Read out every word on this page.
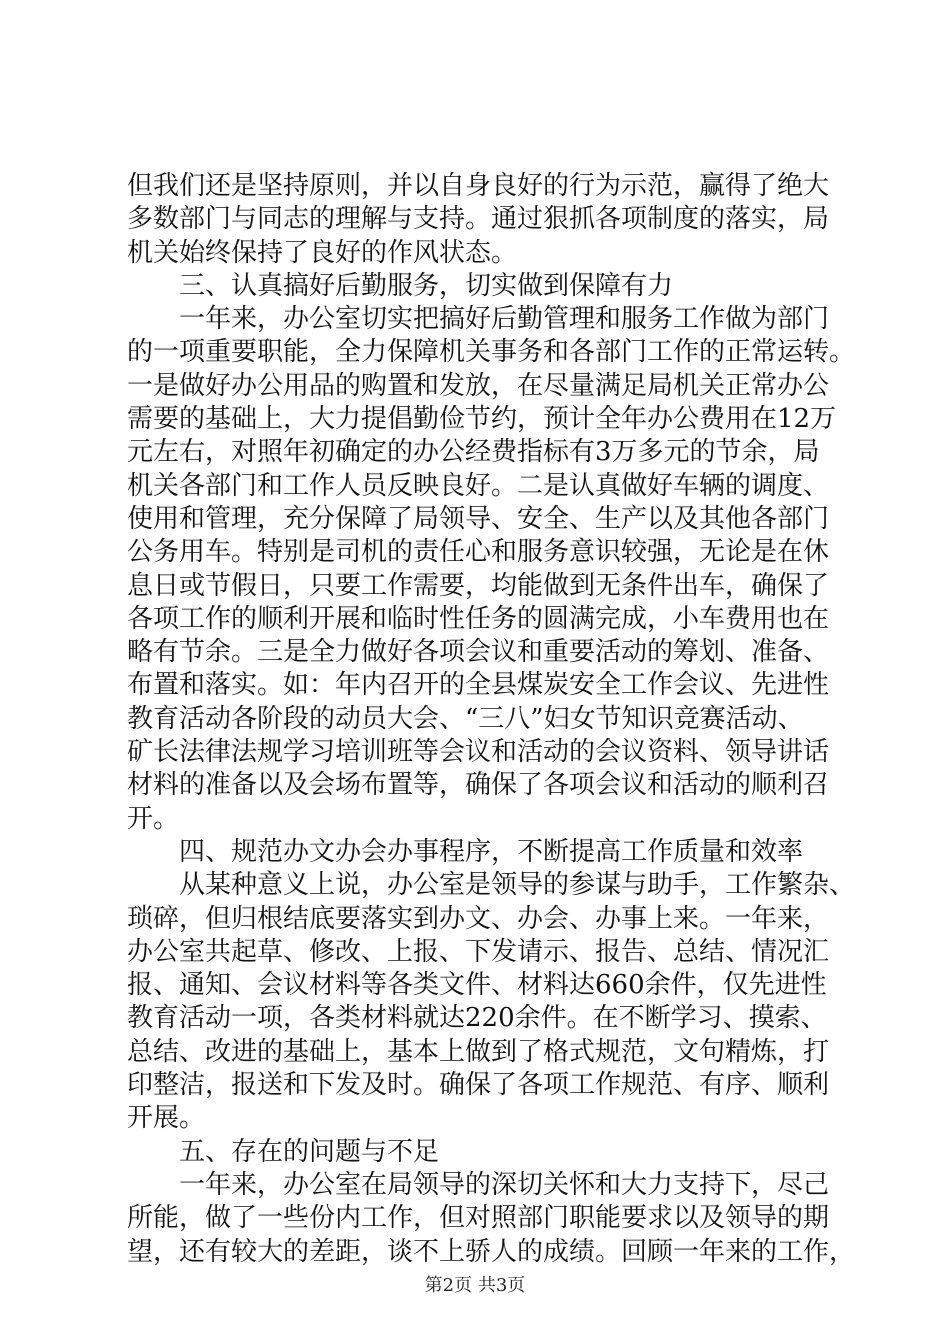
但我们还是坚持原则，并以自身良好的行为示范，赢得了绝大
多数部门与同志的理解与支持。通过狠抓各项制度的落实，局
机关始终保持了良好的作风状态。
三、认真搞好后勤服务，切实做到保障有力
一年来，办公室切实把搞好后勤管理和服务工作做为部门
的一项重要职能，全力保障机关事务和各部门工作的正常运转。
一是做好办公用品的购置和发放，在尽量满足局机关正常办公
需要的基础上，大力提倡勤俭节约，预计全年办公费用在12万
元左右，对照年初确定的办公经费指标有3万多元的节余，局
机关各部门和工作人员反映良好。二是认真做好车辆的调度、
使用和管理，充分保障了局领导、安全、生产以及其他各部门
公务用车。特别是司机的责任心和服务意识较强，无论是在休
息日或节假日，只要工作需要，均能做到无条件出车，确保了
各项工作的顺利开展和临时性任务的圆满完成，小车费用也在
略有节余。三是全力做好各项会议和重要活动的筹划、准备、
布置和落实。如：年内召开的全县煤炭安全工作会议、先进性
教育活动各阶段的动员大会、“三八”妇女节知识竞赛活动、
矿长法律法规学习培训班等会议和活动的会议资料、领导讲话
材料的准备以及会场布置等，确保了各项会议和活动的顺利召
开。
四、规范办文办会办事程序，不断提高工作质量和效率
从某种意义上说，办公室是领导的参谋与助手，工作繁杂、
琐碎，但归根结底要落实到办文、办会、办事上来。一年来，
办公室共起草、修改、上报、下发请示、报告、总结、情况汇
报、通知、会议材料等各类文件、材料达660余件，仅先进性
教育活动一项，各类材料就达220余件。在不断学习、摸索、
总结、改进的基础上，基本上做到了格式规范，文句精炼，打
印整洁，报送和下发及时。确保了各项工作规范、有序、顺利
开展。
五、存在的问题与不足
一年来，办公室在局领导的深切关怀和大力支持下，尽己
所能，做了一些份内工作，但对照部门职能要求以及领导的期
望，还有较大的差距，谈不上骄人的成绩。回顾一年来的工作，
第2页 共3页
